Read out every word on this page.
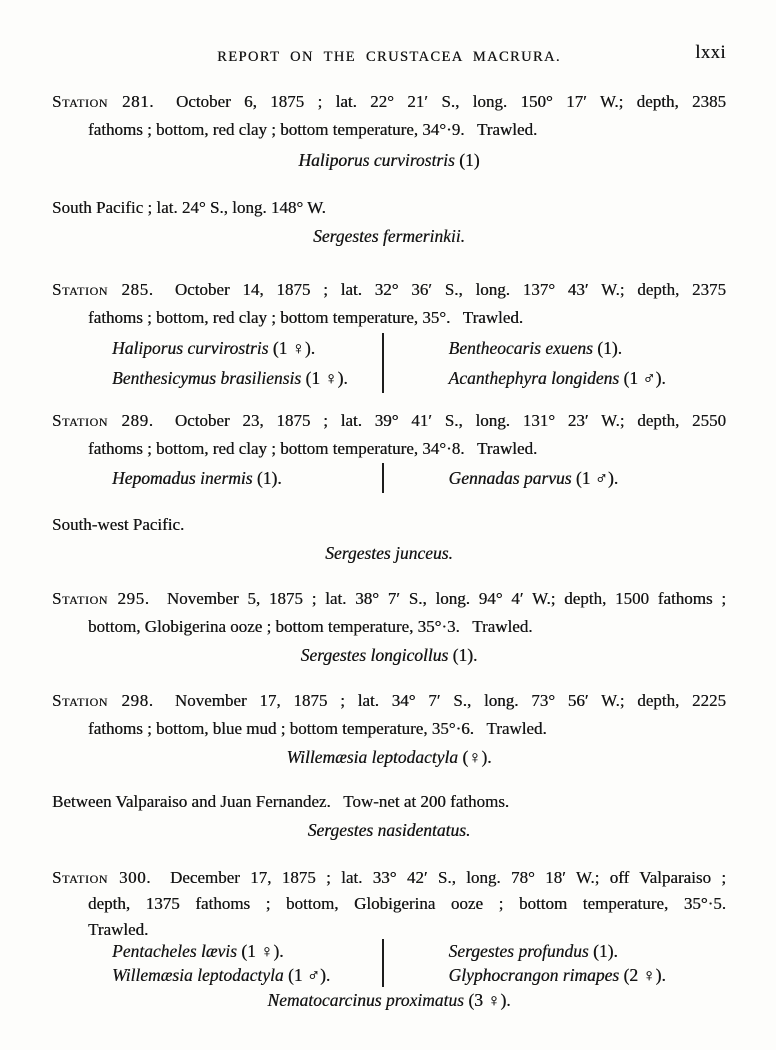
REPORT ON THE CRUSTACEA MACRURA.	lxxi
Station 281.  October 6, 1875 ; lat. 22° 21′ S., long. 150° 17′ W.; depth, 2385
fathoms ; bottom, red clay ; bottom temperature, 34°·9.  Trawled.
Haliporus curvirostris (1)
South Pacific ; lat. 24° S., long. 148° W.
Sergestes fermerinkii.
Station 285.  October 14, 1875 ; lat. 32° 36′ S., long. 137° 43′ W.; depth, 2375
fathoms ; bottom, red clay ; bottom temperature, 35°.  Trawled.
Haliporus curvirostris (1 ♀).
Benthesicymus brasiliensis (1 ♀).
Bentheocaris exuens (1).
Acanthephyra longidens (1 ♂).
Station 289.  October 23, 1875 ; lat. 39° 41′ S., long. 131° 23′ W.; depth, 2550
fathoms ; bottom, red clay ; bottom temperature, 34°·8.  Trawled.
Hepomadus inermis (1).	Gennadas parvus (1 ♂).
South-west Pacific.
Sergestes junceus.
Station 295.  November 5, 1875 ; lat. 38° 7′ S., long. 94° 4′ W.; depth, 1500 fathoms ;
bottom, Globigerina ooze ; bottom temperature, 35°·3.  Trawled.
Sergestes longicollus (1).
Station 298.  November 17, 1875 ; lat. 34° 7′ S., long. 73° 56′ W.; depth, 2225
fathoms ; bottom, blue mud ; bottom temperature, 35°·6.  Trawled.
Willemæsia leptodactyla (♀).
Between Valparaiso and Juan Fernandez.  Tow-net at 200 fathoms.
Sergestes nasidentatus.
Station 300.  December 17, 1875 ; lat. 33° 42′ S., long. 78° 18′ W.; off Valparaiso ;
depth, 1375 fathoms ; bottom, Globigerina ooze ; bottom temperature, 35°·5.
Trawled.
Pentacheles lævis (1 ♀).
Willemæsia leptodactyla (1 ♂).
Sergestes profundus (1).
Glyphocrangon rimapes (2 ♀).
Nematocarcinus proximatus (3 ♀).
